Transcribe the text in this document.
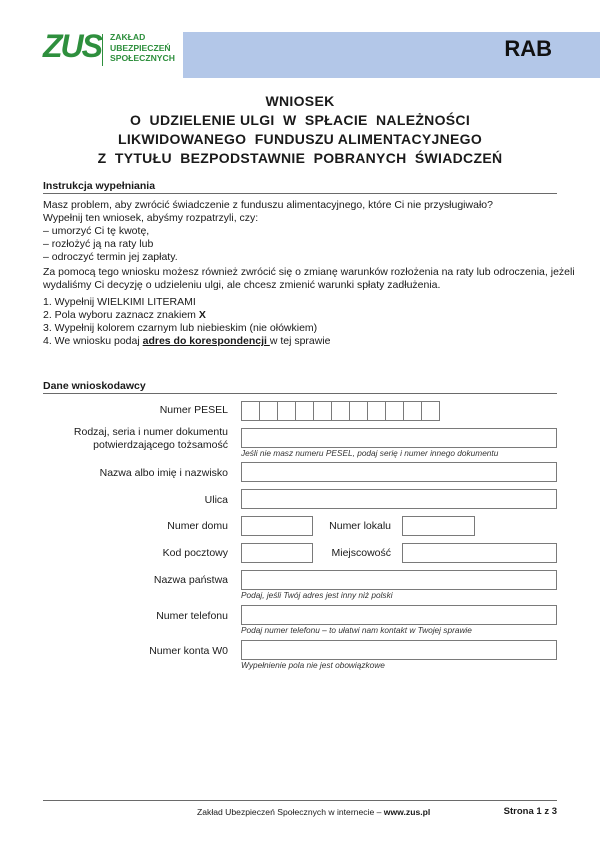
ZUS ZAKŁAD
UBEZPIECZEŃ
SPOŁECZNYCH	RAB
WNIOSEK
O  UDZIELENIE ULGI  W  SPŁACIE  NALEŻNOŚCI
LIKWIDOWANEGO  FUNDUSZU ALIMENTACYJNEGO
Z  TYTUŁU  BEZPODSTAWNIE  POBRANYCH  ŚWIADCZEŃ
Instrukcja wypełniania
Masz problem, aby zwrócić świadczenie z funduszu alimentacyjnego, które Ci nie przysługiwało?
Wypełnij ten wniosek, abyśmy rozpatrzyli, czy:
– umorzyć Ci tę kwotę,
– rozłożyć ją na raty lub
– odroczyć termin jej zapłaty.
Za pomocą tego wniosku możesz również zwrócić się o zmianę warunków rozłożenia na raty lub odroczenia, jeżeli
wydaliśmy Ci decyzję o udzieleniu ulgi, ale chcesz zmienić warunki spłaty zadłużenia.
1. Wypełnij WIELKIMI LITERAMI
2. Pola wyboru zaznacz znakiem X
3. Wypełnij kolorem czarnym lub niebieskim (nie ołówkiem)
4. We wniosku podaj adres do korespondencji w tej sprawie
Dane wnioskodawcy
Numer PESEL
Rodzaj, seria i numer dokumentu
potwierdzającego tożsamość
Jeśli nie masz numeru PESEL, podaj serię i numer innego dokumentu
Nazwa albo imię i nazwisko
Ulica
Numer domu	Numer lokalu
Kod pocztowy	Miejscowość
Nazwa państwa
Podaj, jeśli Twój adres jest inny niż polski
Numer telefonu
Podaj numer telefonu – to ułatwi nam kontakt w Twojej sprawie
Numer konta W0
Wypełnienie pola nie jest obowiązkowe
Zakład Ubezpieczeń Społecznych w internecie – www.zus.pl	Strona 1 z 3
